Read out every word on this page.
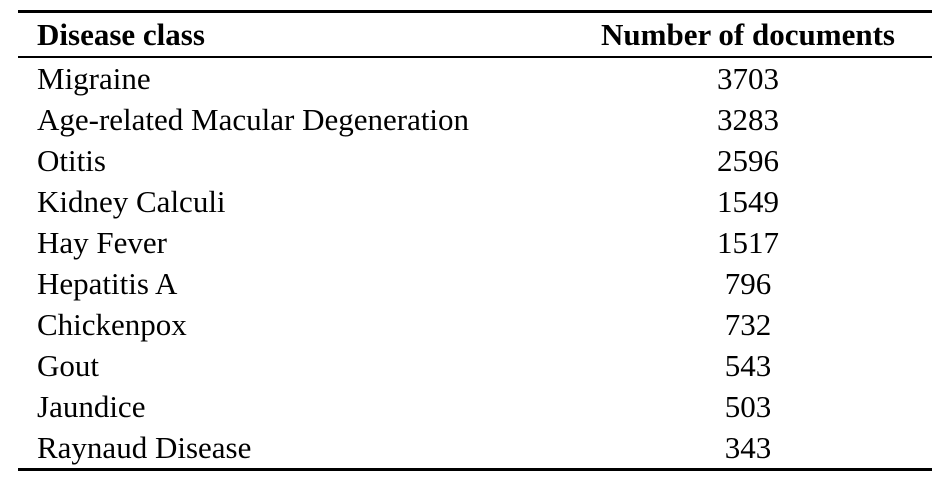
Disease class	Number of documents
Migraine	3703
Age-related Macular Degeneration	3283
Otitis	2596
Kidney Calculi	1549
Hay Fever	1517
Hepatitis A	796
Chickenpox	732
Gout	543
Jaundice	503
Raynaud Disease	343
